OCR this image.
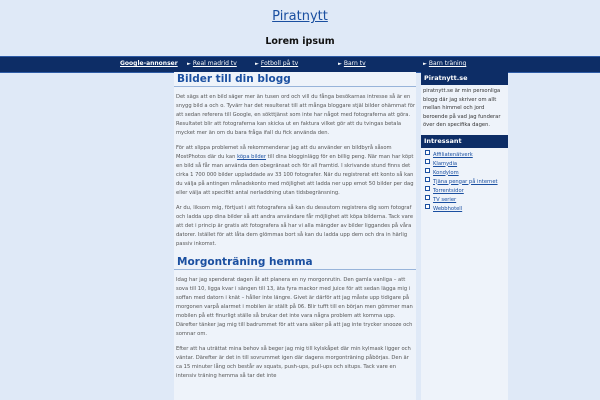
Piratnytt
Lorem ipsum
Google-annonser ► Real madrid tv	► Fotboll på tv	► Barn tv	► Barn träning
Bilder till din blogg

Det sägs att en bild säger mer än tusen ord och vill du fånga besökarnas intresse så är en snygg bild a och o. Tyvärr har det resulterat till att många bloggare stjäl bilder ohämmat för att sedan referera till Google, en sökttjänst som inte har något med fotograferna att göra. Resultatet blir att fotograferna kan skicka ut en faktura vilket gör att du tvingas betala mycket mer än om du bara fråga ifall du fick använda den.

För att slippa problemet så rekommenderar jag att du använder en bildbyrå såsom MostPhotos där du kan köpa bilder till dina blogginlägg för en billig peng. När man har köpt en bild så får man använda den obegränsat och för all framtid. I skrivande stund finns det cirka 1 700 000 bilder uppladdade av 33 100 fotografer. När du registrerat ett konto så kan du välja på antingen månadskonto med möjlighet att ladda ner upp emot 50 bilder per dag eller välja att specifikt antal nerladdning utan tidsbegränsning.

Ar du, liksom mig, förtjust i att fotografera så kan du dessutom registrera dig som fotograf och ladda upp dina bilder så att andra användare får möjlighet att köpa bilderna. Tack vare att det i princip är gratis att fotografera så har vi alla mängder av bilder liggandes på våra datorer. Istället för att låta dem glömmas bort så kan du ladda upp dem och dra in härlig passiv inkomst.

Morgonträning hemma

Idag har jag spenderat dagen åt att planera en ny morgonrutin. Den gamla vanliga – att sova till 10, ligga kvar i sängen till 13, äta fyra mackor med juice för att sedan lägga mig i soffan med datorn i knät – håller inte längre. Givet är därför att jag måste upp tidigare på morgonen varpå alarmet i mobilen är ställt på 06. Blir tufft till en början men gömmer man mobilen på ett finurligt ställe så brukar det inte vara några problem att komma upp. Därefter tänker jag mig till badrummet för att vara säker på att jag inte trycker snooze och somnar om.

Efter att ha uträttat mina behov så beger jag mig till kylskåpet där min kylmask ligger och väntar. Därefter är det in till sovrummet igen där dagens morgonträning påbörjas. Den är ca 15 minuter lång och består av squats, push-ups, pull-ups och situps. Tack vare en intensiv träning hemma så tar det inte

Piratnytt.se
piratnytt.se är min personliga blogg där jag skriver om allt mellan himmel och jord beroende på vad jag funderar över den specifika dagen.
Intressant
Affiliatenätverk
Klamydia
Kondylom
Tjäna pengar på internet
Torrentsidor
TV serier
Webbhotell
